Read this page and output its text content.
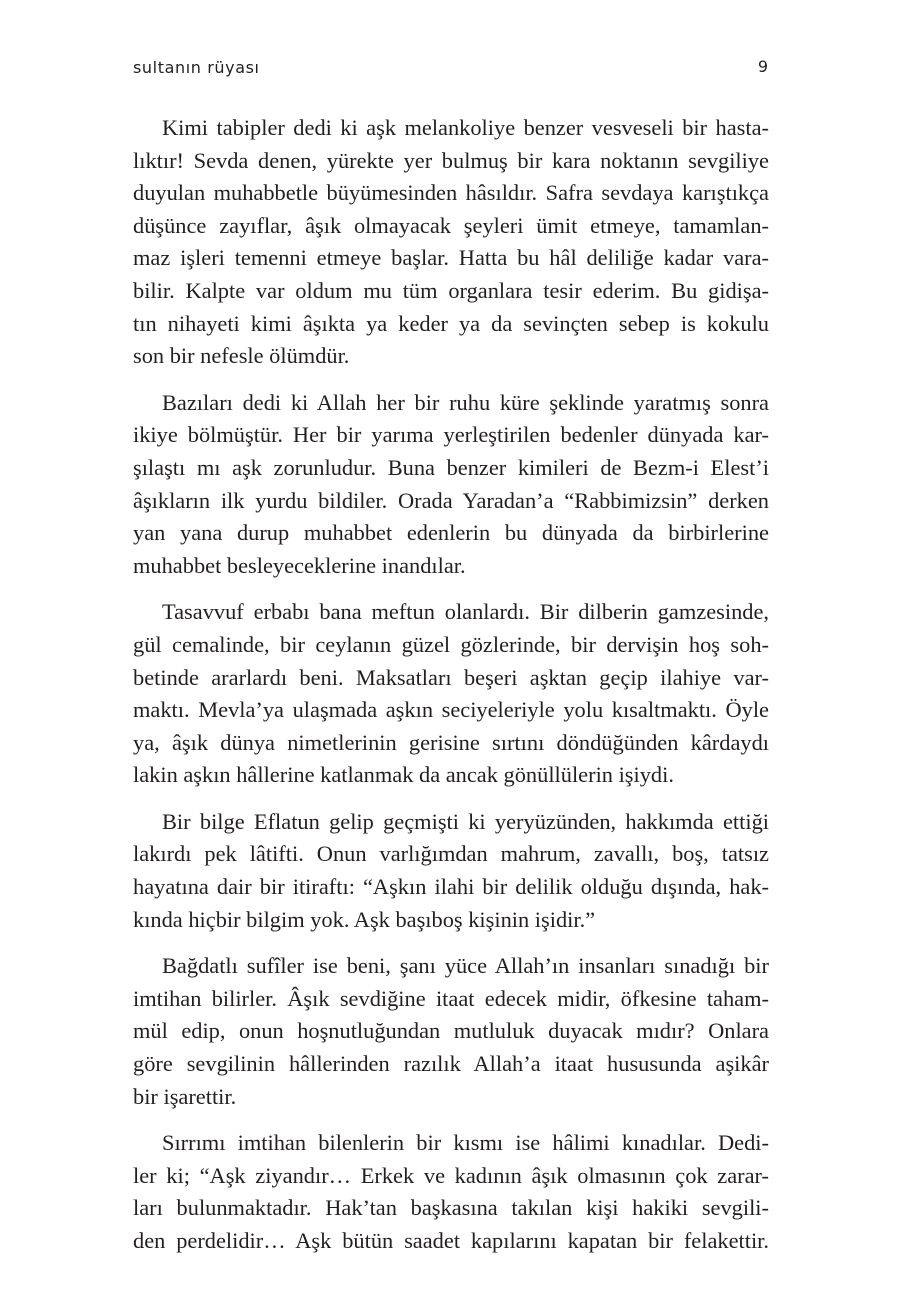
sultanın rüyası	9

Kimi tabipler dedi ki aşk melankoliye benzer vesveseli bir hasta-
lıktır! Sevda denen, yürekte yer bulmuş bir kara noktanın sevgiliye
duyulan muhabbetle büyümesinden hâsıldır. Safra sevdaya karıştıkça
düşünce zayıflar, âşık olmayacak şeyleri ümit etmeye, tamamlan-
maz işleri temenni etmeye başlar. Hatta bu hâl deliliğe kadar vara-
bilir. Kalpte var oldum mu tüm organlara tesir ederim. Bu gidişa-
tın nihayeti kimi âşıkta ya keder ya da sevinçten sebep is kokulu
son bir nefesle ölümdür.

Bazıları dedi ki Allah her bir ruhu küre şeklinde yaratmış sonra
ikiye bölmüştür. Her bir yarıma yerleştirilen bedenler dünyada kar-
şılaştı mı aşk zorunludur. Buna benzer kimileri de Bezm-i Elest’i
âşıkların ilk yurdu bildiler. Orada Yaradan’a “Rabbimizsin” derken
yan yana durup muhabbet edenlerin bu dünyada da birbirlerine
muhabbet besleyeceklerine inandılar.

Tasavvuf erbabı bana meftun olanlardı. Bir dilberin gamzesinde,
gül cemalinde, bir ceylanın güzel gözlerinde, bir dervişin hoş soh-
betinde ararlardı beni. Maksatları beşeri aşktan geçip ilahiye var-
maktı. Mevla’ya ulaşmada aşkın seciyeleriyle yolu kısaltmaktı. Öyle
ya, âşık dünya nimetlerinin gerisine sırtını döndüğünden kârdaydı
lakin aşkın hâllerine katlanmak da ancak gönüllülerin işiydi.

Bir bilge Eflatun gelip geçmişti ki yeryüzünden, hakkımda ettiği
lakırdı pek lâtifti. Onun varlığımdan mahrum, zavallı, boş, tatsız
hayatına dair bir itiraftı: “Aşkın ilahi bir delilik olduğu dışında, hak-
kında hiçbir bilgim yok. Aşk başıboş kişinin işidir.”

Bağdatlı sufîler ise beni, şanı yüce Allah’ın insanları sınadığı bir
imtihan bilirler. Âşık sevdiğine itaat edecek midir, öfkesine taham-
mül edip, onun hoşnutluğundan mutluluk duyacak mıdır? Onlara
göre sevgilinin hâllerinden razılık Allah’a itaat hususunda aşikâr
bir işarettir.

Sırrımı imtihan bilenlerin bir kısmı ise hâlimi kınadılar. Dedi-
ler ki; “Aşk ziyandır… Erkek ve kadının âşık olmasının çok zarar-
ları bulunmaktadır. Hak’tan başkasına takılan kişi hakiki sevgili-
den perdelidir… Aşk bütün saadet kapılarını kapatan bir felakettir.
